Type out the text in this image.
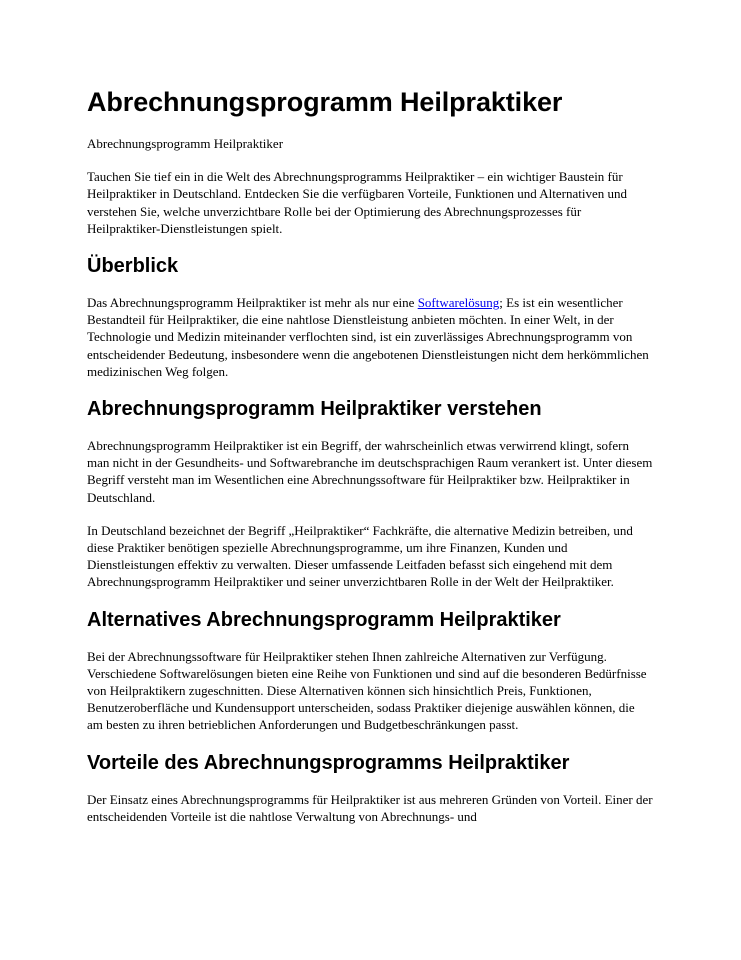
Abrechnungsprogramm Heilpraktiker

Abrechnungsprogramm Heilpraktiker

Tauchen Sie tief ein in die Welt des Abrechnungsprogramms Heilpraktiker – ein wichtiger Baustein für Heilpraktiker in Deutschland. Entdecken Sie die verfügbaren Vorteile, Funktionen und Alternativen und verstehen Sie, welche unverzichtbare Rolle bei der Optimierung des Abrechnungsprozesses für Heilpraktiker-Dienstleistungen spielt.

Überblick

Das Abrechnungsprogramm Heilpraktiker ist mehr als nur eine Softwarelösung; Es ist ein wesentlicher Bestandteil für Heilpraktiker, die eine nahtlose Dienstleistung anbieten möchten. In einer Welt, in der Technologie und Medizin miteinander verflochten sind, ist ein zuverlässiges Abrechnungsprogramm von entscheidender Bedeutung, insbesondere wenn die angebotenen Dienstleistungen nicht dem herkömmlichen medizinischen Weg folgen.

Abrechnungsprogramm Heilpraktiker verstehen

Abrechnungsprogramm Heilpraktiker ist ein Begriff, der wahrscheinlich etwas verwirrend klingt, sofern man nicht in der Gesundheits- und Softwarebranche im deutschsprachigen Raum verankert ist. Unter diesem Begriff versteht man im Wesentlichen eine Abrechnungssoftware für Heilpraktiker bzw. Heilpraktiker in Deutschland.

In Deutschland bezeichnet der Begriff „Heilpraktiker“ Fachkräfte, die alternative Medizin betreiben, und diese Praktiker benötigen spezielle Abrechnungsprogramme, um ihre Finanzen, Kunden und Dienstleistungen effektiv zu verwalten. Dieser umfassende Leitfaden befasst sich eingehend mit dem Abrechnungsprogramm Heilpraktiker und seiner unverzichtbaren Rolle in der Welt der Heilpraktiker.

Alternatives Abrechnungsprogramm Heilpraktiker

Bei der Abrechnungssoftware für Heilpraktiker stehen Ihnen zahlreiche Alternativen zur Verfügung. Verschiedene Softwarelösungen bieten eine Reihe von Funktionen und sind auf die besonderen Bedürfnisse von Heilpraktikern zugeschnitten. Diese Alternativen können sich hinsichtlich Preis, Funktionen, Benutzeroberfläche und Kundensupport unterscheiden, sodass Praktiker diejenige auswählen können, die am besten zu ihren betrieblichen Anforderungen und Budgetbeschränkungen passt.

Vorteile des Abrechnungsprogramms Heilpraktiker

Der Einsatz eines Abrechnungsprogramms für Heilpraktiker ist aus mehreren Gründen von Vorteil. Einer der entscheidenden Vorteile ist die nahtlose Verwaltung von Abrechnungs- und
